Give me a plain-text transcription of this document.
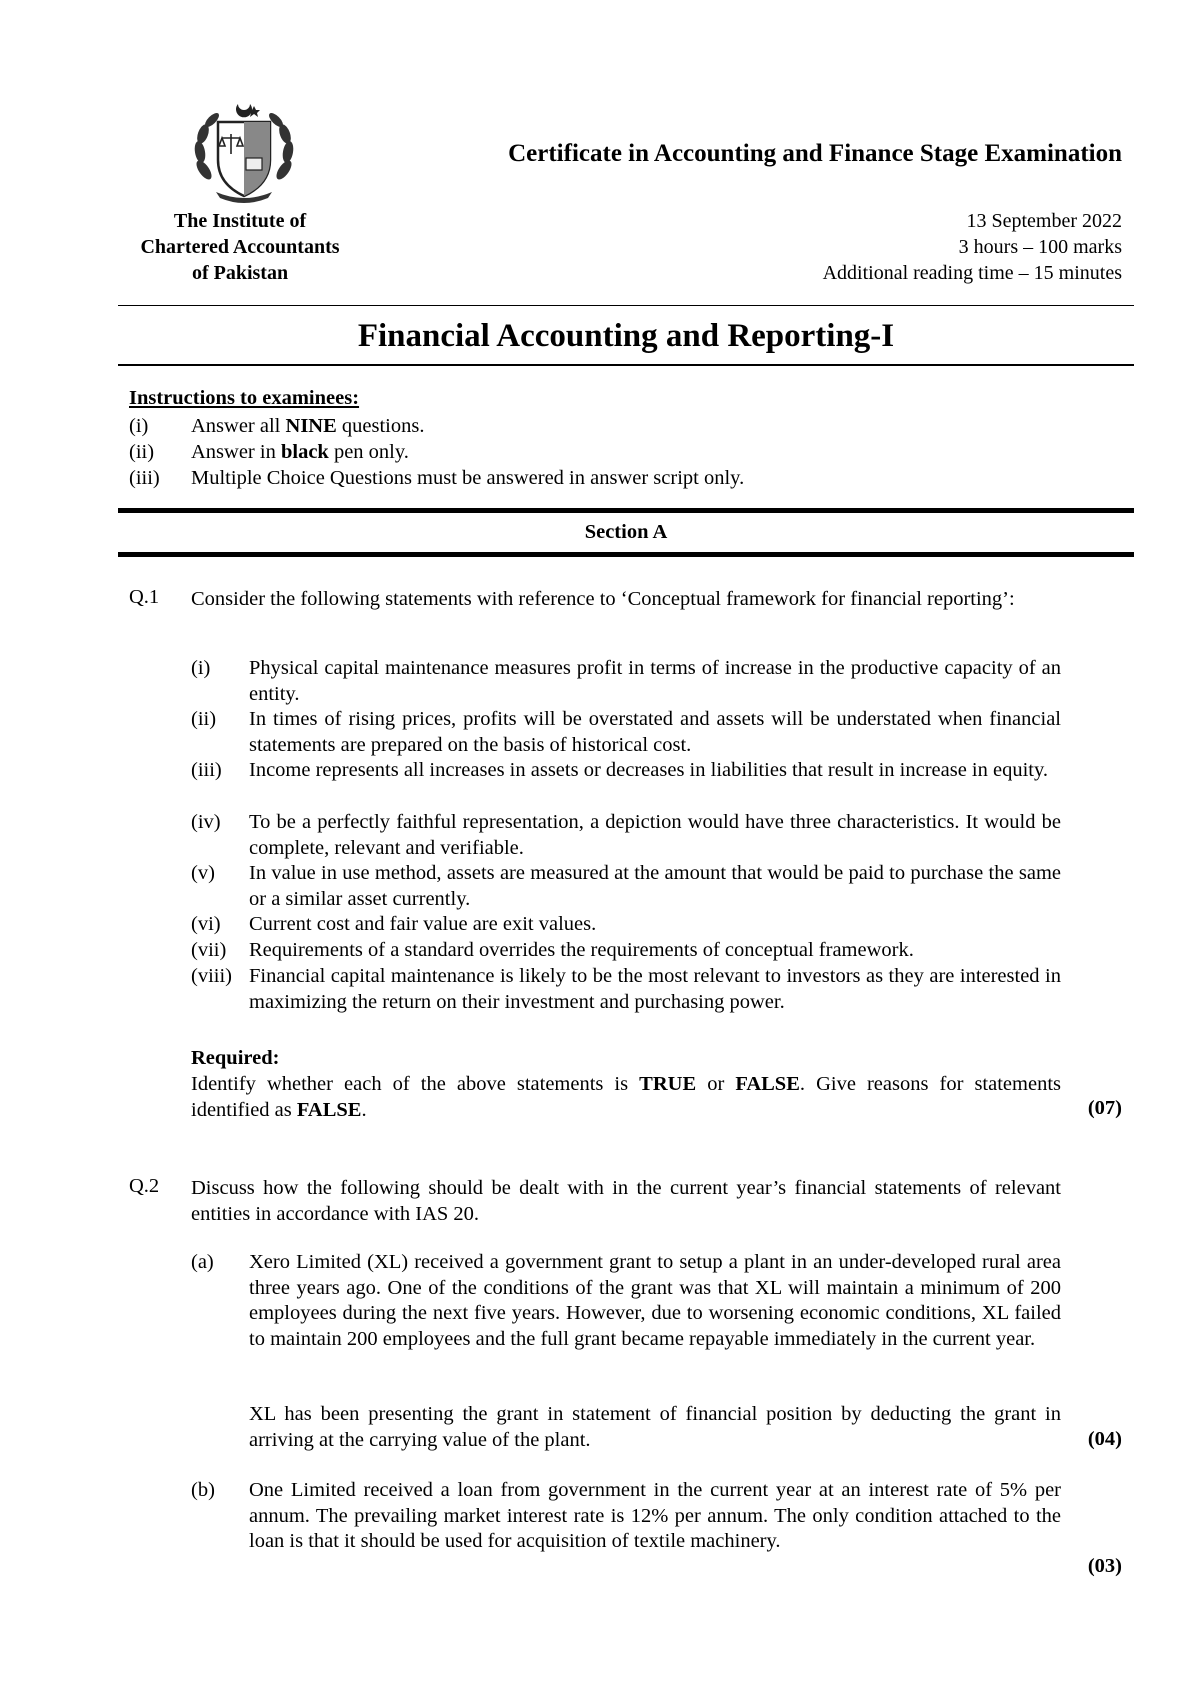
The Institute of
Chartered Accountants
of Pakistan
Certificate in Accounting and Finance Stage Examination
13 September 2022
3 hours – 100 marks
Additional reading time – 15 minutes
Financial Accounting and Reporting-I
Instructions to examinees:
(i) Answer all NINE questions.
(ii) Answer in black pen only.
(iii) Multiple Choice Questions must be answered in answer script only.
Section A
Q.1 Consider the following statements with reference to ‘Conceptual framework for financial reporting’:
(i) Physical capital maintenance measures profit in terms of increase in the productive capacity of an entity.
(ii) In times of rising prices, profits will be overstated and assets will be understated when financial statements are prepared on the basis of historical cost.
(iii) Income represents all increases in assets or decreases in liabilities that result in increase in equity.
(iv) To be a perfectly faithful representation, a depiction would have three characteristics. It would be complete, relevant and verifiable.
(v) In value in use method, assets are measured at the amount that would be paid to purchase the same or a similar asset currently.
(vi) Current cost and fair value are exit values.
(vii) Requirements of a standard overrides the requirements of conceptual framework.
(viii) Financial capital maintenance is likely to be the most relevant to investors as they are interested in maximizing the return on their investment and purchasing power.
Required:
Identify whether each of the above statements is TRUE or FALSE. Give reasons for statements identified as FALSE.	(07)
Q.2 Discuss how the following should be dealt with in the current year’s financial statements of relevant entities in accordance with IAS 20.
(a) Xero Limited (XL) received a government grant to setup a plant in an under-developed rural area three years ago. One of the conditions of the grant was that XL will maintain a minimum of 200 employees during the next five years. However, due to worsening economic conditions, XL failed to maintain 200 employees and the full grant became repayable immediately in the current year.
XL has been presenting the grant in statement of financial position by deducting the grant in arriving at the carrying value of the plant.	(04)
(b) One Limited received a loan from government in the current year at an interest rate of 5% per annum. The prevailing market interest rate is 12% per annum. The only condition attached to the loan is that it should be used for acquisition of textile machinery.
(03)
